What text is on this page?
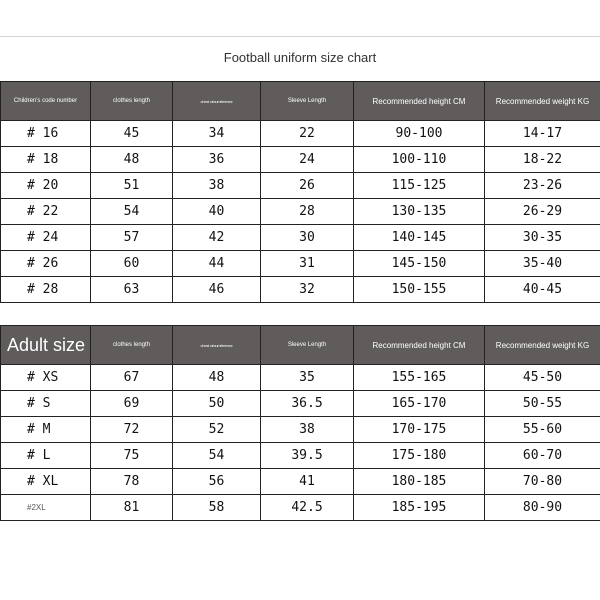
Football uniform size chart
Children's code number	clothes length	chest circumference	Sleeve Length	Recommended height CM	Recommended weight KG
# 16	45	34	22	90-100	14-17
# 18	48	36	24	100-110	18-22
# 20	51	38	26	115-125	23-26
# 22	54	40	28	130-135	26-29
# 24	57	42	30	140-145	30-35
# 26	60	44	31	145-150	35-40
# 28	63	46	32	150-155	40-45
Adult size	clothes length	chest circumference	Sleeve Length	Recommended height CM	Recommended weight KG
# XS	67	48	35	155-165	45-50
# S	69	50	36.5	165-170	50-55
# M	72	52	38	170-175	55-60
# L	75	54	39.5	175-180	60-70
# XL	78	56	41	180-185	70-80
#2XL	81	58	42.5	185-195	80-90
